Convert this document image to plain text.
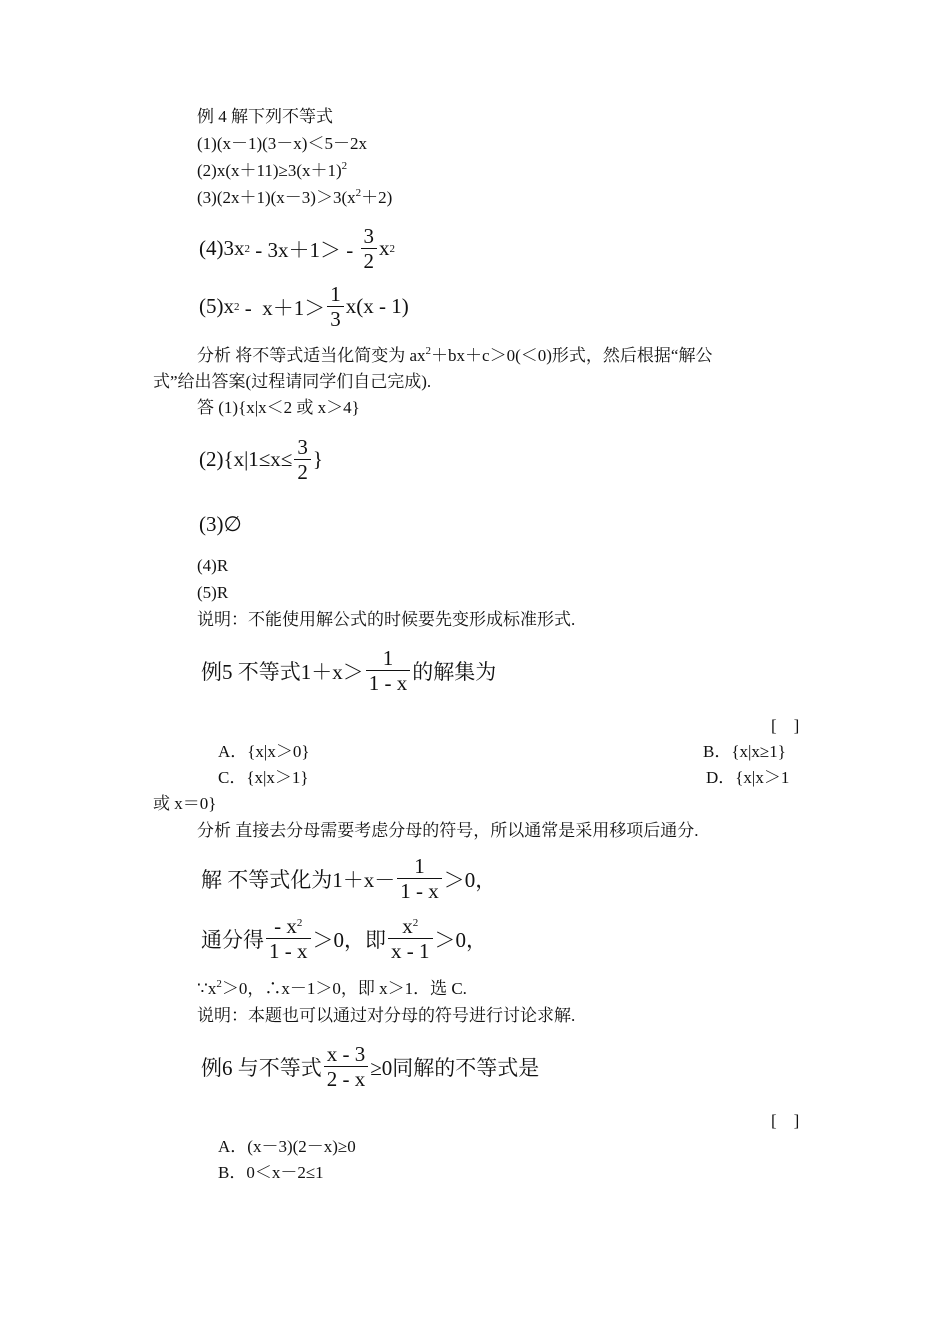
例 4 解下列不等式
(1)(x－1)(3－x)＜5－2x
$(2)x(x+11)\ge 3(x+1)^2$
$(3)(2x+1)(x-3)>3(x^2+2)$
(4)3x $2 - 3x+1> - \frac{3}{2}$ x 2
(5)x $2 - x+1> \frac{1}{3} x(x - 1)$
分析 将不等式适当化简变为 $ax^2+bx+c>0(<0)$形式，然后根据“解公
式”给出答案(过程请同学们自己完成).
答 (1){x|x＜2 或 x＞4}
$(2)\{x|1\le x\le \frac{3}{2}$ }
(3)∅
(4)R
(5)R
说明：不能使用解公式的时候要先变形成标准形式.
例5 不等式$1+x> \frac{1}{1 - x}$ 的解集为
[    ]
A．{x|x＞0}	B．{x|x≥1}
C．{x|x＞1}	D．{x|x＞1
或 x＝0}
分析 直接去分母需要考虑分母的符号，所以通常是采用移项后通分.
解 不等式化为$1+x- \frac{1}{1 - x} >0$，
通分得 $\frac{- x^2}{1 - x} >0$，即 $\frac{x^2}{x - 1} >0$，
$\because x^2>0$，∴x－1＞0，即 x＞1．选 C.
说明：本题也可以通过对分母的符号进行讨论求解.
例6 与不等式 $\frac{x - 3}{2 - x} \ge 0$同解的不等式是
[    ]
A．(x－3)(2－x)≥0
B．0＜x－2≤1
